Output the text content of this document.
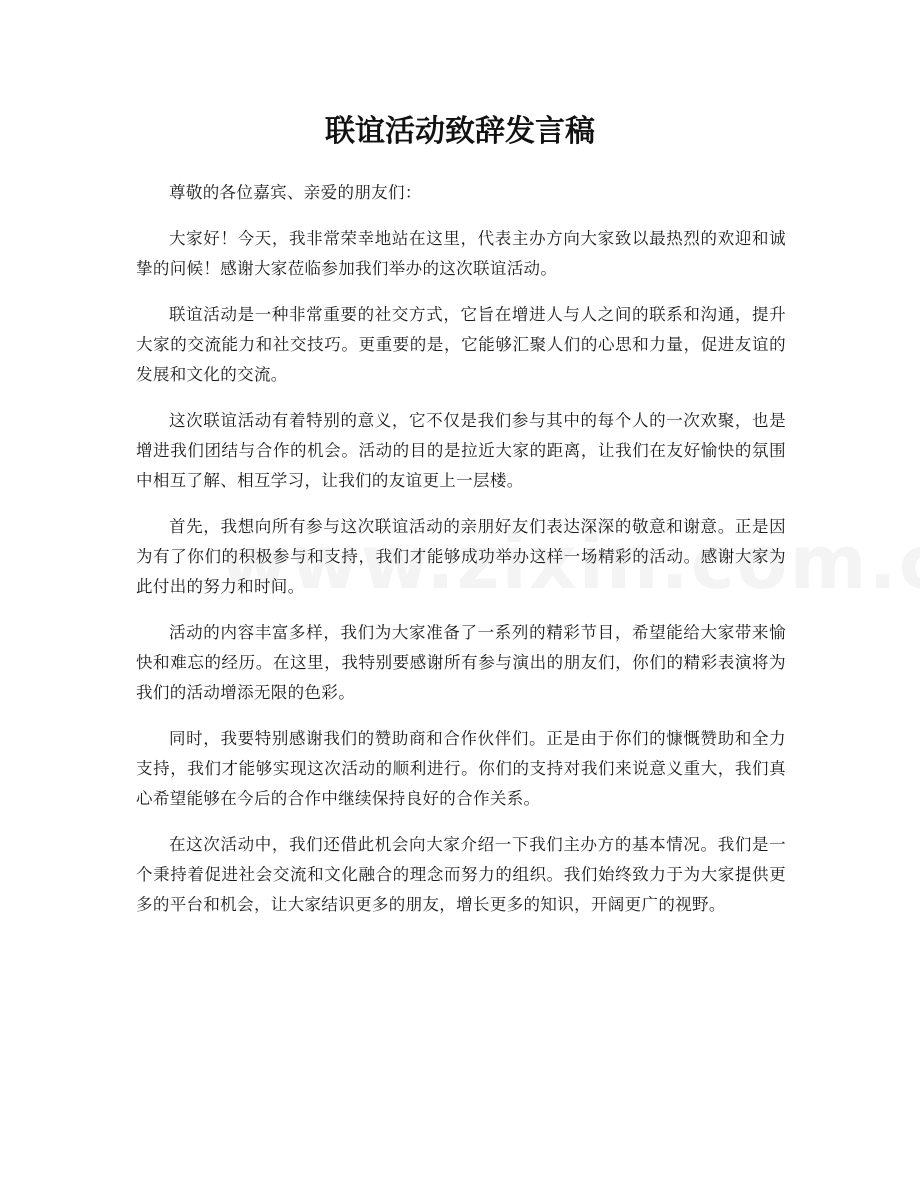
联谊活动致辞发言稿

尊敬的各位嘉宾、亲爱的朋友们：

大家好！今天，我非常荣幸地站在这里，代表主办方向大家致以最热烈的欢迎和诚挚的问候！感谢大家莅临参加我们举办的这次联谊活动。

联谊活动是一种非常重要的社交方式，它旨在增进人与人之间的联系和沟通，提升大家的交流能力和社交技巧。更重要的是，它能够汇聚人们的心思和力量，促进友谊的发展和文化的交流。

这次联谊活动有着特别的意义，它不仅是我们参与其中的每个人的一次欢聚，也是增进我们团结与合作的机会。活动的目的是拉近大家的距离，让我们在友好愉快的氛围中相互了解、相互学习，让我们的友谊更上一层楼。

首先，我想向所有参与这次联谊活动的亲朋好友们表达深深的敬意和谢意。正是因为有了你们的积极参与和支持，我们才能够成功举办这样一场精彩的活动。感谢大家为此付出的努力和时间。

活动的内容丰富多样，我们为大家准备了一系列的精彩节目，希望能给大家带来愉快和难忘的经历。在这里，我特别要感谢所有参与演出的朋友们，你们的精彩表演将为我们的活动增添无限的色彩。

同时，我要特别感谢我们的赞助商和合作伙伴们。正是由于你们的慷慨赞助和全力支持，我们才能够实现这次活动的顺利进行。你们的支持对我们来说意义重大，我们真心希望能够在今后的合作中继续保持良好的合作关系。

在这次活动中，我们还借此机会向大家介绍一下我们主办方的基本情况。我们是一个秉持着促进社会交流和文化融合的理念而努力的组织。我们始终致力于为大家提供更多的平台和机会，让大家结识更多的朋友，增长更多的知识，开阔更广的视野。
